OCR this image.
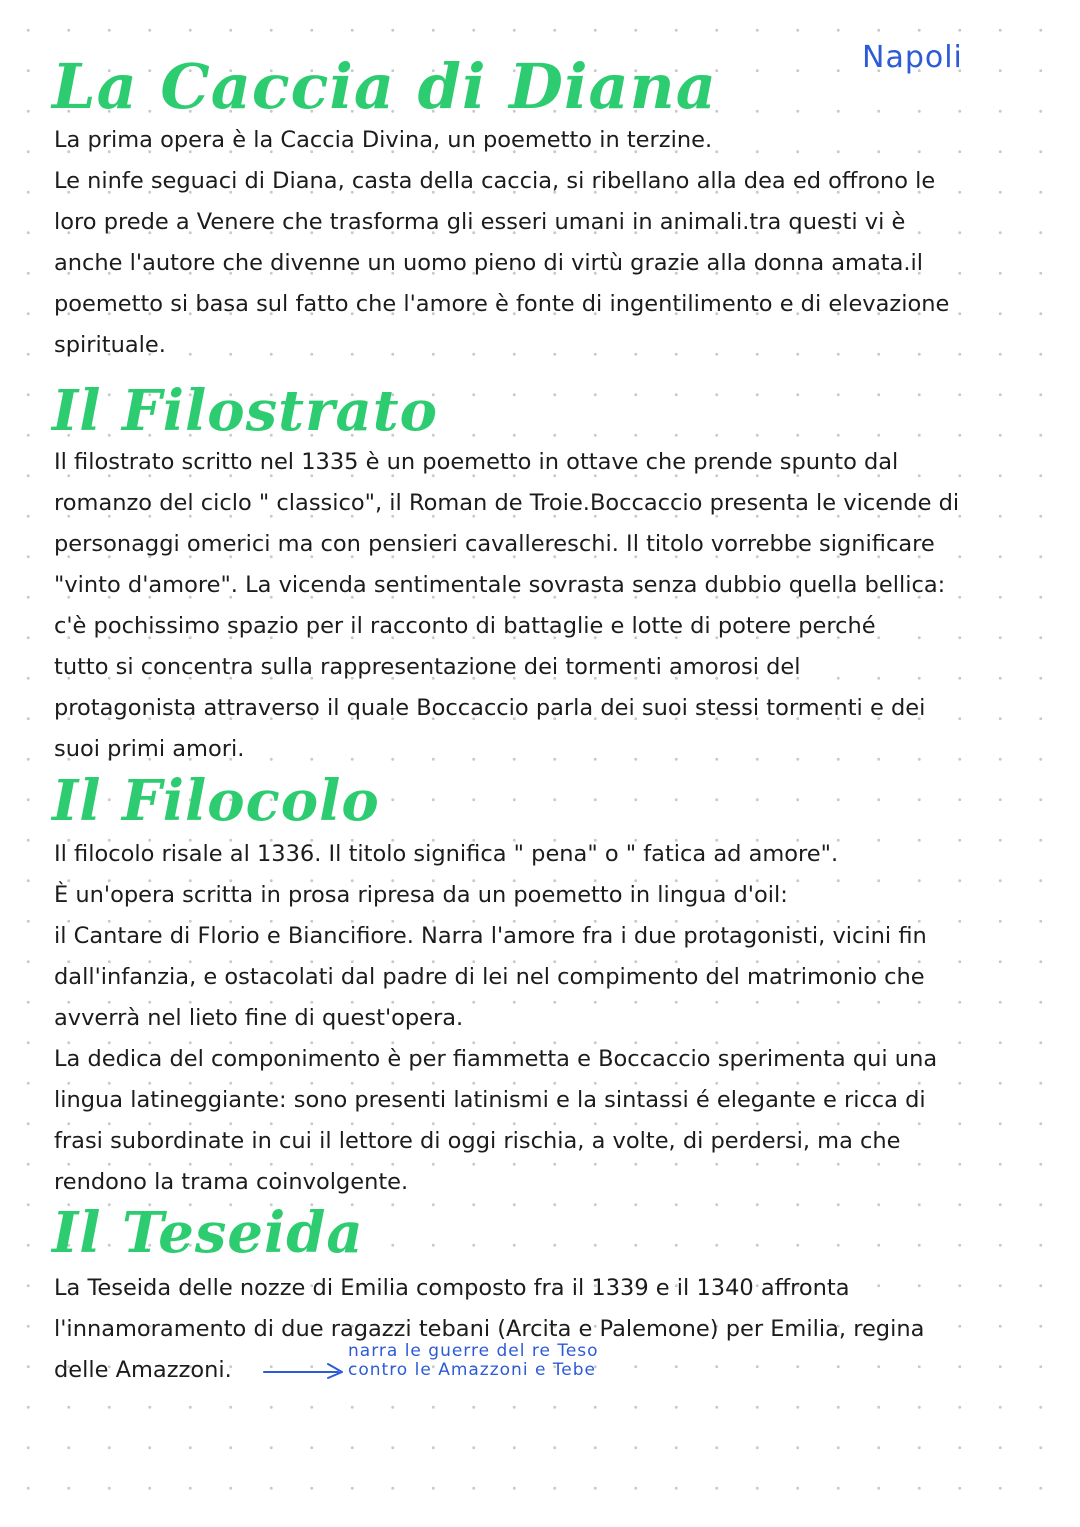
Napoli
La Caccia di Diana
La prima opera è la Caccia Divina, un poemetto in terzine.
Le ninfe seguaci di Diana, casta della caccia, si ribellano alla dea ed offrono le
loro prede a Venere che trasforma gli esseri umani in animali.tra questi vi è
anche l'autore che divenne un uomo pieno di virtù grazie alla donna amata.il
poemetto si basa sul fatto che l'amore è fonte di ingentilimento e di elevazione
spirituale.
Il Filostrato
Il filostrato scritto nel 1335 è un poemetto in ottave che prende spunto dal
romanzo del ciclo " classico", il Roman de Troie.Boccaccio presenta le vicende di
personaggi omerici ma con pensieri cavallereschi. Il titolo vorrebbe significare
"vinto d'amore". La vicenda sentimentale sovrasta senza dubbio quella bellica:
c'è pochissimo spazio per il racconto di battaglie e lotte di potere perché
tutto si concentra sulla rappresentazione dei tormenti amorosi del
protagonista attraverso il quale Boccaccio parla dei suoi stessi tormenti e dei
suoi primi amori.
Il Filocolo
Il filocolo risale al 1336. Il titolo significa " pena" o " fatica ad amore".
È un'opera scritta in prosa ripresa da un poemetto in lingua d'oil:
il Cantare di Florio e Biancifiore. Narra l'amore fra i due protagonisti, vicini fin
dall'infanzia, e ostacolati dal padre di lei nel compimento del matrimonio che
avverrà nel lieto fine di quest'opera.
La dedica del componimento è per fiammetta e Boccaccio sperimenta qui una
lingua latineggiante: sono presenti latinismi e la sintassi é elegante e ricca di
frasi subordinate in cui il lettore di oggi rischia, a volte, di perdersi, ma che
rendono la trama coinvolgente.
Il Teseida
La Teseida delle nozze di Emilia composto fra il 1339 e il 1340 affronta
l'innamoramento di due ragazzi tebani (Arcita e Palemone) per Emilia, regina
delle Amazzoni.
narra le guerre del re Teso
contro le Amazzoni e Tebe
